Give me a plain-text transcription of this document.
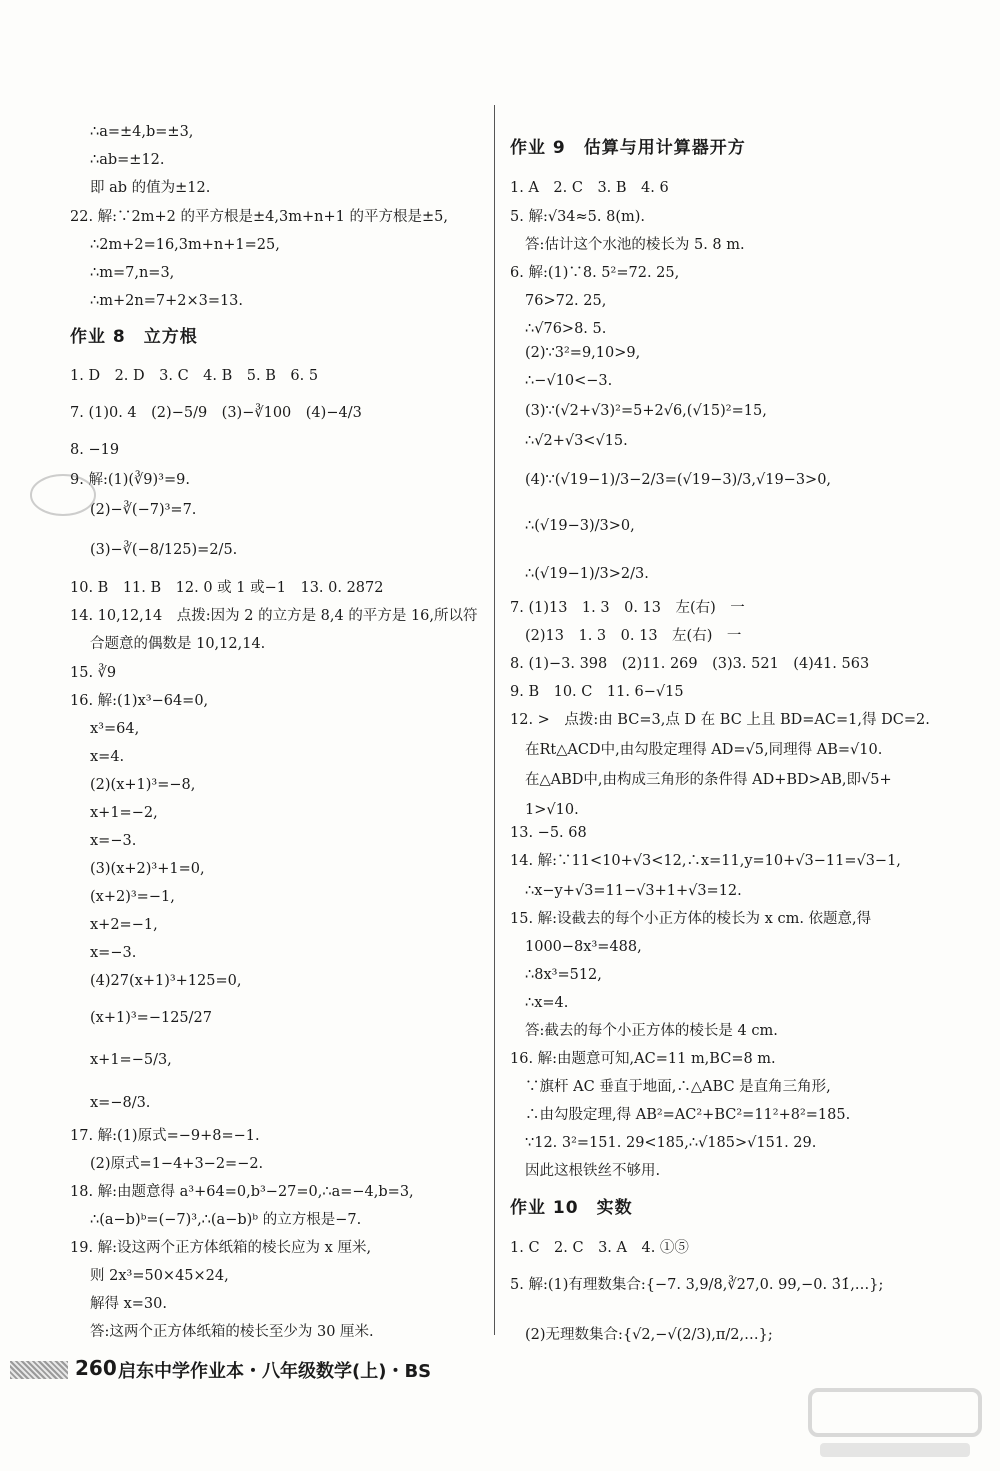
∴a=±4,b=±3,
∴ab=±12.
即 ab 的值为±12.
22. 解:∵2m+2 的平方根是±4,3m+n+1 的平方根是±5,
∴2m+2=16,3m+n+1=25,
∴m=7,n=3,
∴m+2n=7+2×3=13.
作业 8　立方根
1. D　2. D　3. C　4. B　5. B　6. 5
7. (1)0. 4　(2)−5/9　(3)−∛100　(4)−4/3
8. −19
9. 解:(1)(∛9)³=9.
(2)−∛(−7)³=7.
(3)−∛(−8/125)=2/5.
10. B　11. B　12. 0 或 1 或−1　13. 0. 2872
14. 10,12,14　点拨:因为 2 的立方是 8,4 的平方是 16,所以符
合题意的偶数是 10,12,14.
15. ∛9
16. 解:(1)x³−64=0,
x³=64,
x=4.
(2)(x+1)³=−8,
x+1=−2,
x=−3.
(3)(x+2)³+1=0,
(x+2)³=−1,
x+2=−1,
x=−3.
(4)27(x+1)³+125=0,
(x+1)³=−125/27
x+1=−5/3,
x=−8/3.
17. 解:(1)原式=−9+8=−1.
(2)原式=1−4+3−2=−2.
18. 解:由题意得 a³+64=0,b³−27=0,∴a=−4,b=3,
∴(a−b)ᵇ=(−7)³,∴(a−b)ᵇ 的立方根是−7.
19. 解:设这两个正方体纸箱的棱长应为 x 厘米,
则 2x³=50×45×24,
解得 x=30.
答:这两个正方体纸箱的棱长至少为 30 厘米.
作业 9　估算与用计算器开方
1. A　2. C　3. B　4. 6
5. 解:√34≈5. 8(m).
答:估计这个水池的棱长为 5. 8 m.
6. 解:(1)∵8. 5²=72. 25,
76>72. 25,
∴√76>8. 5.
(2)∵3²=9,10>9,
∴−√10<−3.
(3)∵(√2+√3)²=5+2√6,(√15)²=15,
∴√2+√3<√15.
(4)∵(√19−1)/3−2/3=(√19−3)/3,√19−3>0,
∴(√19−3)/3>0,
∴(√19−1)/3>2/3.
7. (1)13　1. 3　0. 13　左(右)　一
(2)13　1. 3　0. 13　左(右)　一
8. (1)−3. 398　(2)11. 269　(3)3. 521　(4)41. 563
9. B　10. C　11. 6−√15
12. >　点拨:由 BC=3,点 D 在 BC 上且 BD=AC=1,得 DC=2.
在Rt△ACD中,由勾股定理得 AD=√5,同理得 AB=√10.
在△ABD中,由构成三角形的条件得 AD+BD>AB,即√5+
1>√10.
13. −5. 68
14. 解:∵11<10+√3<12,∴x=11,y=10+√3−11=√3−1,
∴x−y+√3=11−√3+1+√3=12.
15. 解:设截去的每个小正方体的棱长为 x cm. 依题意,得
1000−8x³=488,
∴8x³=512,
∴x=4.
答:截去的每个小正方体的棱长是 4 cm.
16. 解:由题意可知,AC=11 m,BC=8 m.
∵旗杆 AC 垂直于地面,∴△ABC 是直角三角形,
∴由勾股定理,得 AB²=AC²+BC²=11²+8²=185.
∵12. 3²=151. 29<185,∴√185>√151. 29.
因此这根铁丝不够用.
作业 10　实数
1. C　2. C　3. A　4. ①⑤
5. 解:(1)有理数集合:{−7. 3,9/8,∛27,0. 99,−0. 3̇1̇,…};
(2)无理数集合:{√2,−√(2/3),π/2,…};
260 启东中学作业本・八年级数学(上)・BS
